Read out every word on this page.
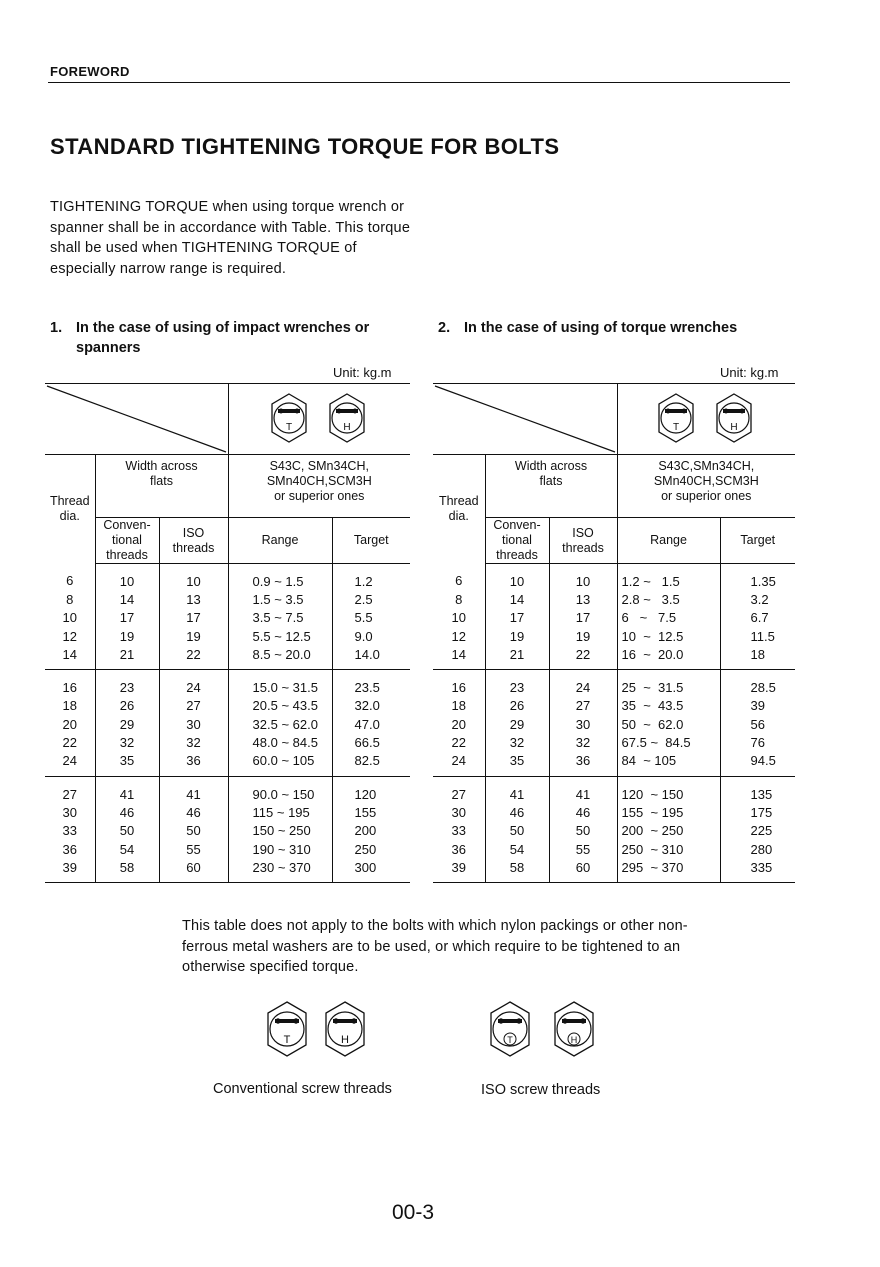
FOREWORD
STANDARD TIGHTENING TORQUE FOR BOLTS
TIGHTENING TORQUE when using torque wrench or spanner shall be in accordance with Table. This torque shall be used when TIGHTENING TORQUE of especially narrow range is required.
1. In the case of using of impact wrenches or
spanners
2. In the case of using of torque wrenches
Unit: kg.m	Unit: kg.m

T H	

Thread dia.	Width across flats		S43C, SMn34CH,
SMn40CH,SCM3H
or superior ones	

	Conven- tional threads	ISO threads	Range	Target
6	10	10	0.9 ~ 1.5	1.2
8	14	13	1.5 ~ 3.5	2.5
10	17	17	3.5 ~ 7.5	5.5
12	19	19	5.5 ~ 12.5	9.0
14	21	22	8.5 ~ 20.0	14.0
16	23	24	15.0 ~ 31.5	23.5
18	26	27	20.5 ~ 43.5	32.0
20	29	30	32.5 ~ 62.0	47.0
22	32	32	48.0 ~ 84.5	66.5
24	35	36	60.0 ~ 105	82.5
27	41	41	90.0 ~ 150	120
30	46	46	115 ~ 195	155
33	50	50	150 ~ 250	200
36	54	55	190 ~ 310	250
39	58	60	230 ~ 370	300

T H	

Thread dia.	Width across flats		S43C,SMn34CH,
SMn40CH,SCM3H
or superior ones	

	Conven- tional threads	ISO threads	Range	Target
6	10	10	1.2 ~   1.5	1.35
8	14	13	2.8 ~   3.5	3.2
10	17	17	6   ~   7.5	6.7
12	19	19	10  ~  12.5	11.5
14	21	22	16  ~  20.0	18
16	23	24	25  ~  31.5	28.5
18	26	27	35  ~  43.5	39
20	29	30	50  ~  62.0	56
22	32	32	67.5 ~  84.5	76
24	35	36	84  ~ 105	94.5
27	41	41	120  ~ 150	135
30	46	46	155  ~ 195	175
33	50	50	200  ~ 250	225
36	54	55	250  ~ 310	280
39	58	60	295  ~ 370	335
This table does not apply to the bolts with which nylon packings or other non-ferrous metal washers are to be used, or which require to be tightened to an otherwise specified torque.
T	H	T	H
Conventional screw threads	ISO screw threads
00-3
